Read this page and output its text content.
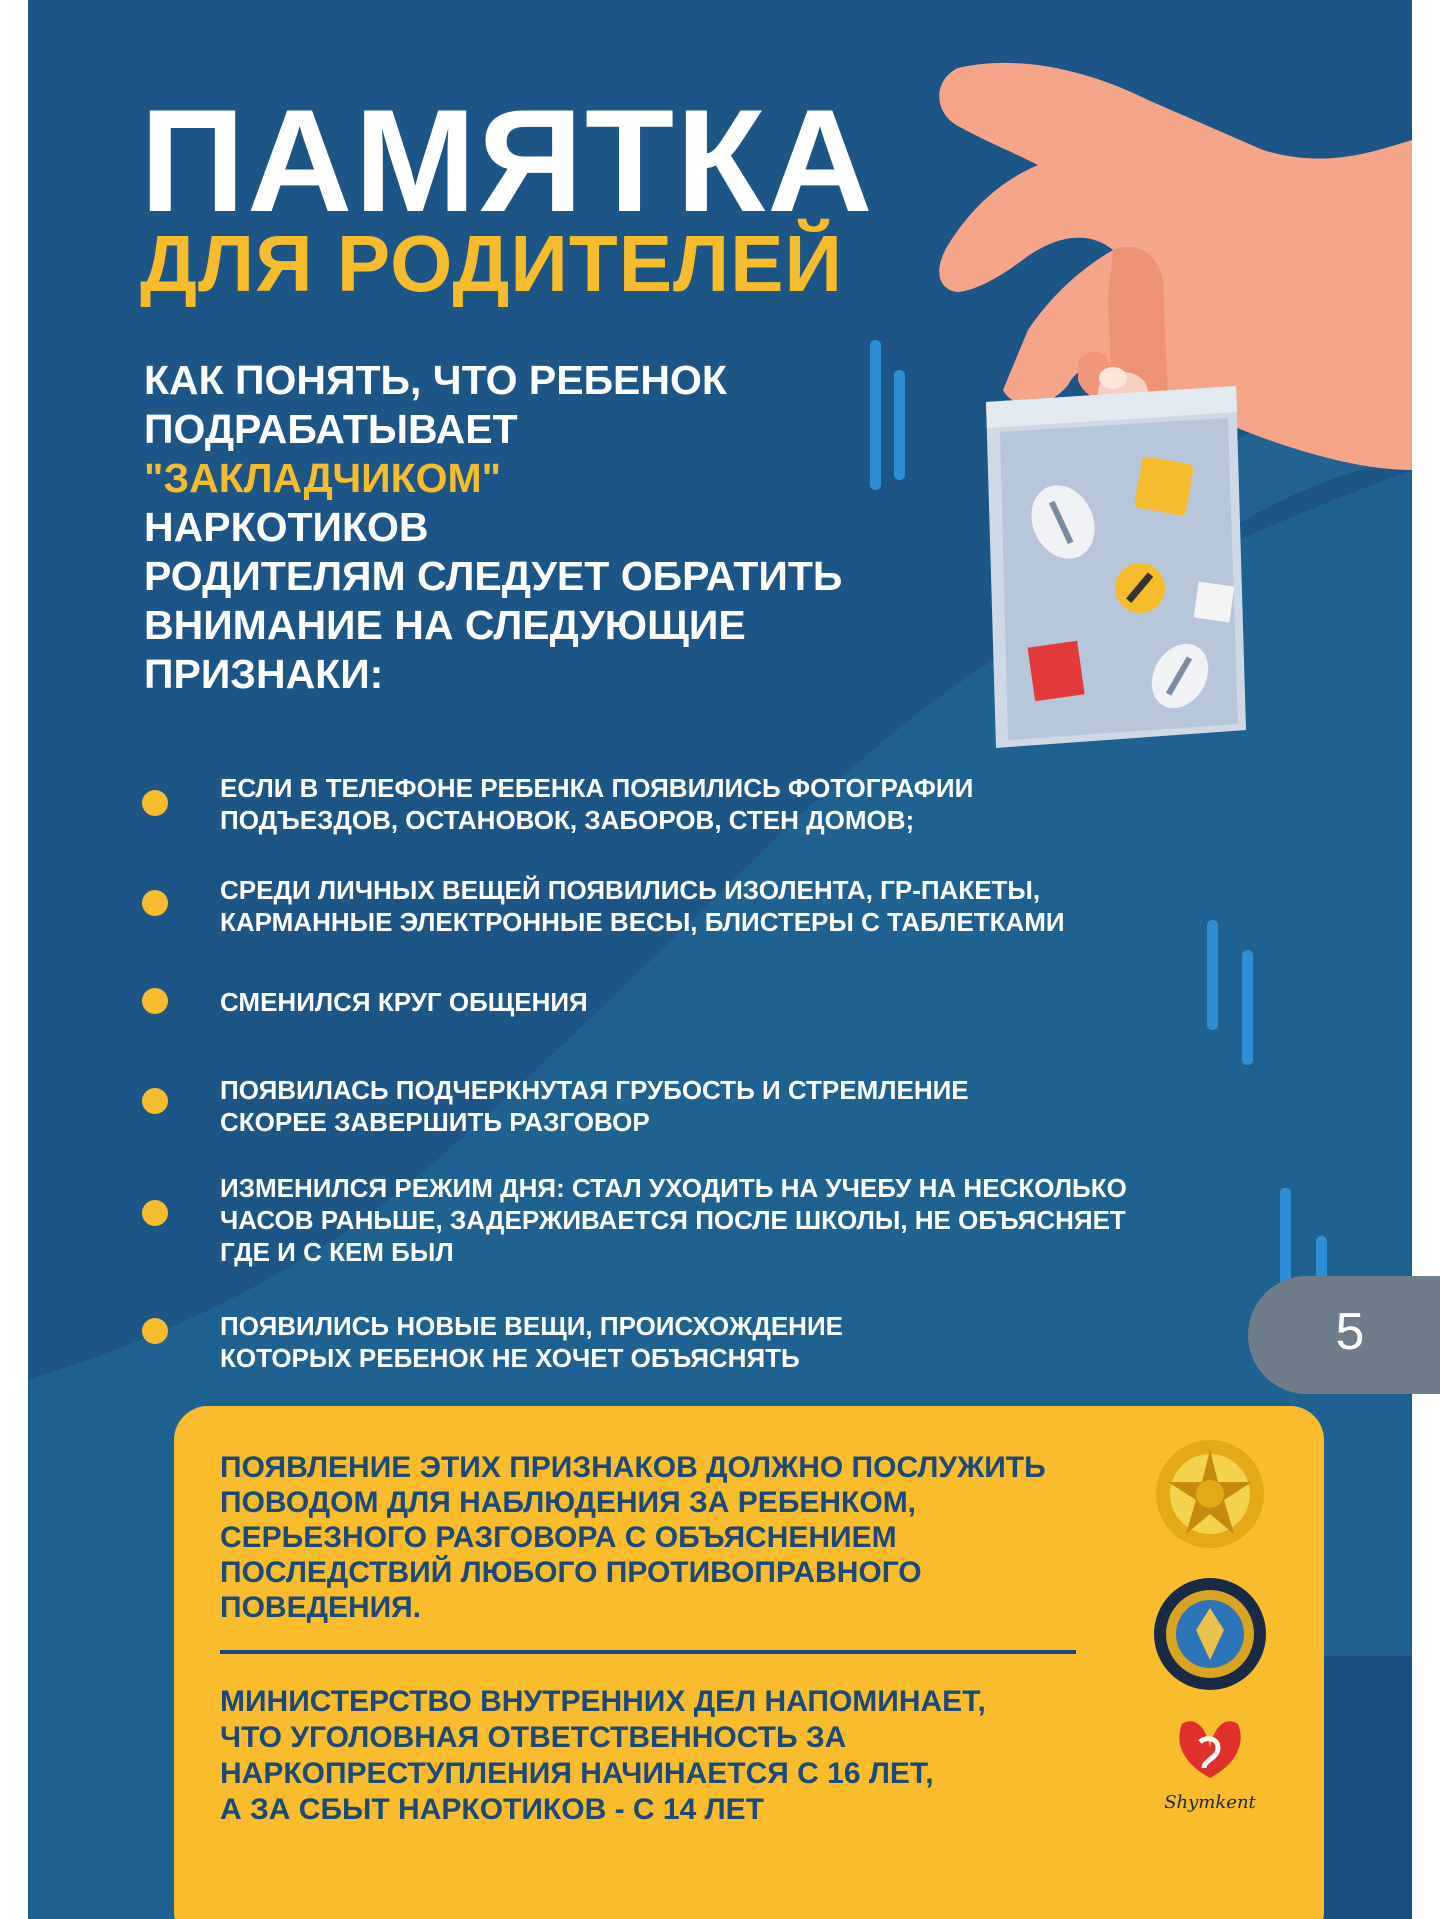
ПАМЯТКА
ДЛЯ РОДИТЕЛЕЙ
КАК ПОНЯТЬ, ЧТО РЕБЕНОК
ПОДРАБАТЫВАЕТ
"ЗАКЛАДЧИКОМ"
НАРКОТИКОВ
РОДИТЕЛЯМ СЛЕДУЕТ ОБРАТИТЬ
ВНИМАНИЕ НА СЛЕДУЮЩИЕ
ПРИЗНАКИ:
ЕСЛИ В ТЕЛЕФОНЕ РЕБЕНКА ПОЯВИЛИСЬ ФОТОГРАФИИ
ПОДЪЕЗДОВ, ОСТАНОВОК, ЗАБОРОВ, СТЕН ДОМОВ;
СРЕДИ ЛИЧНЫХ ВЕЩЕЙ ПОЯВИЛИСЬ ИЗОЛЕНТА, ГР-ПАКЕТЫ,
КАРМАННЫЕ ЭЛЕКТРОННЫЕ ВЕСЫ, БЛИСТЕРЫ С ТАБЛЕТКАМИ
СМЕНИЛСЯ КРУГ ОБЩЕНИЯ
ПОЯВИЛАСЬ ПОДЧЕРКНУТАЯ ГРУБОСТЬ И СТРЕМЛЕНИЕ
СКОРЕЕ ЗАВЕРШИТЬ РАЗГОВОР
ИЗМЕНИЛСЯ РЕЖИМ ДНЯ: СТАЛ УХОДИТЬ НА УЧЕБУ НА НЕСКОЛЬКО
ЧАСОВ РАНЬШЕ, ЗАДЕРЖИВАЕТСЯ ПОСЛЕ ШКОЛЫ, НЕ ОБЪЯСНЯЕТ
ГДЕ И С КЕМ БЫЛ
ПОЯВИЛИСЬ НОВЫЕ ВЕЩИ, ПРОИСХОЖДЕНИЕ
КОТОРЫХ РЕБЕНОК НЕ ХОЧЕТ ОБЪЯСНЯТЬ
ПОЯВЛЕНИЕ ЭТИХ ПРИЗНАКОВ ДОЛЖНО ПОСЛУЖИТЬ
ПОВОДОМ ДЛЯ НАБЛЮДЕНИЯ ЗА РЕБЕНКОМ,
СЕРЬЕЗНОГО РАЗГОВОРА С ОБЪЯСНЕНИЕМ
ПОСЛЕДСТВИЙ ЛЮБОГО ПРОТИВОПРАВНОГО
ПОВЕДЕНИЯ.
МИНИСТЕРСТВО ВНУТРЕННИХ ДЕЛ НАПОМИНАЕТ,
ЧТО УГОЛОВНАЯ ОТВЕТСТВЕННОСТЬ ЗА
НАРКОПРЕСТУПЛЕНИЯ НАЧИНАЕТСЯ С 16 ЛЕТ,
А ЗА СБЫТ НАРКОТИКОВ - С 14 ЛЕТ	Shymkent
5
